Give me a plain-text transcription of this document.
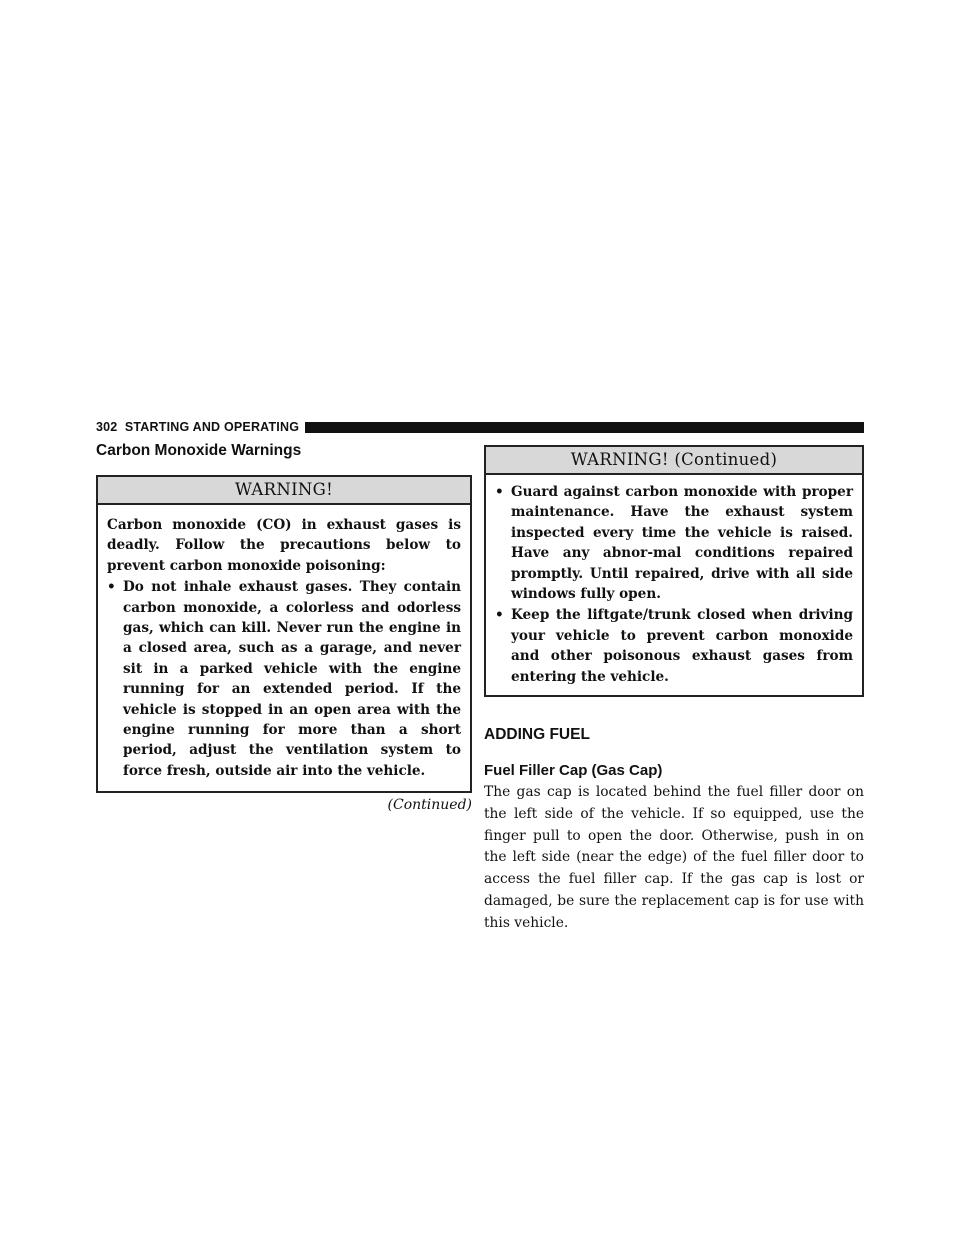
302 STARTING AND OPERATING
Carbon Monoxide Warnings
WARNING!

Carbon monoxide (CO) in exhaust gases is deadly. Follow the precautions below to prevent carbon monoxide poisoning:

• Do not inhale exhaust gases. They contain carbon monoxide, a colorless and odorless gas, which can kill. Never run the engine in a closed area, such as a garage, and never sit in a parked vehicle with the engine running for an extended period. If the vehicle is stopped in an open area with the engine running for more than a short period, adjust the ventilation system to force fresh, outside air into the vehicle.
(Continued)
WARNING! (Continued)
• Guard against carbon monoxide with proper maintenance. Have the exhaust system inspected every time the vehicle is raised. Have any abnor-mal conditions repaired promptly. Until repaired, drive with all side windows fully open.
• Keep the liftgate/trunk closed when driving your vehicle to prevent carbon monoxide and other poisonous exhaust gases from entering the vehicle.
ADDING FUEL
Fuel Filler Cap (Gas Cap)

The gas cap is located behind the fuel filler door on the left side of the vehicle. If so equipped, use the finger pull to open the door. Otherwise, push in on the left side (near the edge) of the fuel filler door to access the fuel filler cap. If the gas cap is lost or damaged, be sure the replacement cap is for use with this vehicle.
